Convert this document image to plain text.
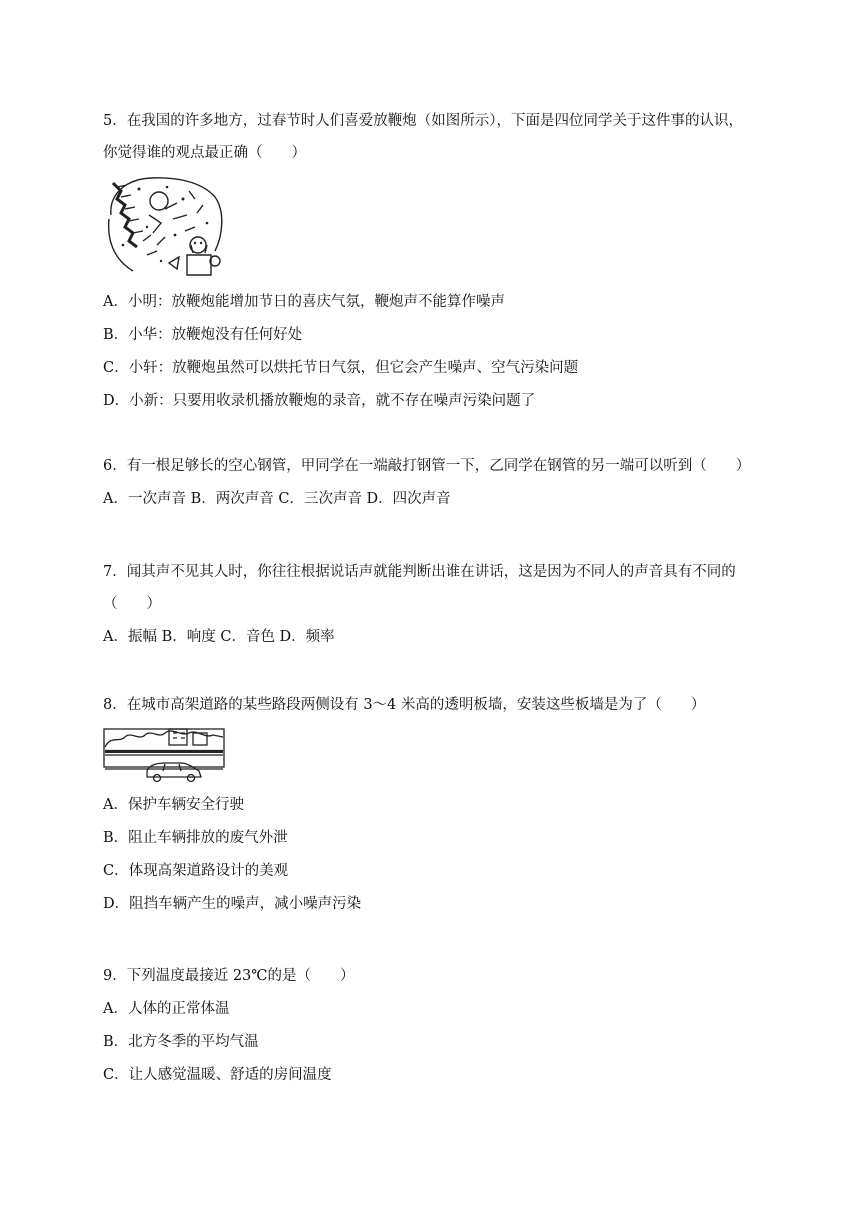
5．在我国的许多地方，过春节时人们喜爱放鞭炮（如图所示），下面是四位同学关于这件事的认识，

你觉得谁的观点最正确（　　）

A．小明：放鞭炮能增加节日的喜庆气氛，鞭炮声不能算作噪声

B．小华：放鞭炮没有任何好处

C．小轩：放鞭炮虽然可以烘托节日气氛，但它会产生噪声、空气污染问题

D．小新：只要用收录机播放鞭炮的录音，就不存在噪声污染问题了

6．有一根足够长的空心钢管，甲同学在一端敲打钢管一下，乙同学在钢管的另一端可以听到（　　）

A．一次声音 B．两次声音 C．三次声音 D．四次声音

7．闻其声不见其人时，你往往根据说话声就能判断出谁在讲话，这是因为不同人的声音具有不同的

（　　）

A．振幅 B．响度 C．音色 D．频率

8．在城市高架道路的某些路段两侧设有 3～4 米高的透明板墙，安装这些板墙是为了（　　）

A．保护车辆安全行驶

B．阻止车辆排放的废气外泄

C．体现高架道路设计的美观

D．阻挡车辆产生的噪声，减小噪声污染

9．下列温度最接近 23℃的是（　　）

A．人体的正常体温

B．北方冬季的平均气温

C．让人感觉温暖、舒适的房间温度
